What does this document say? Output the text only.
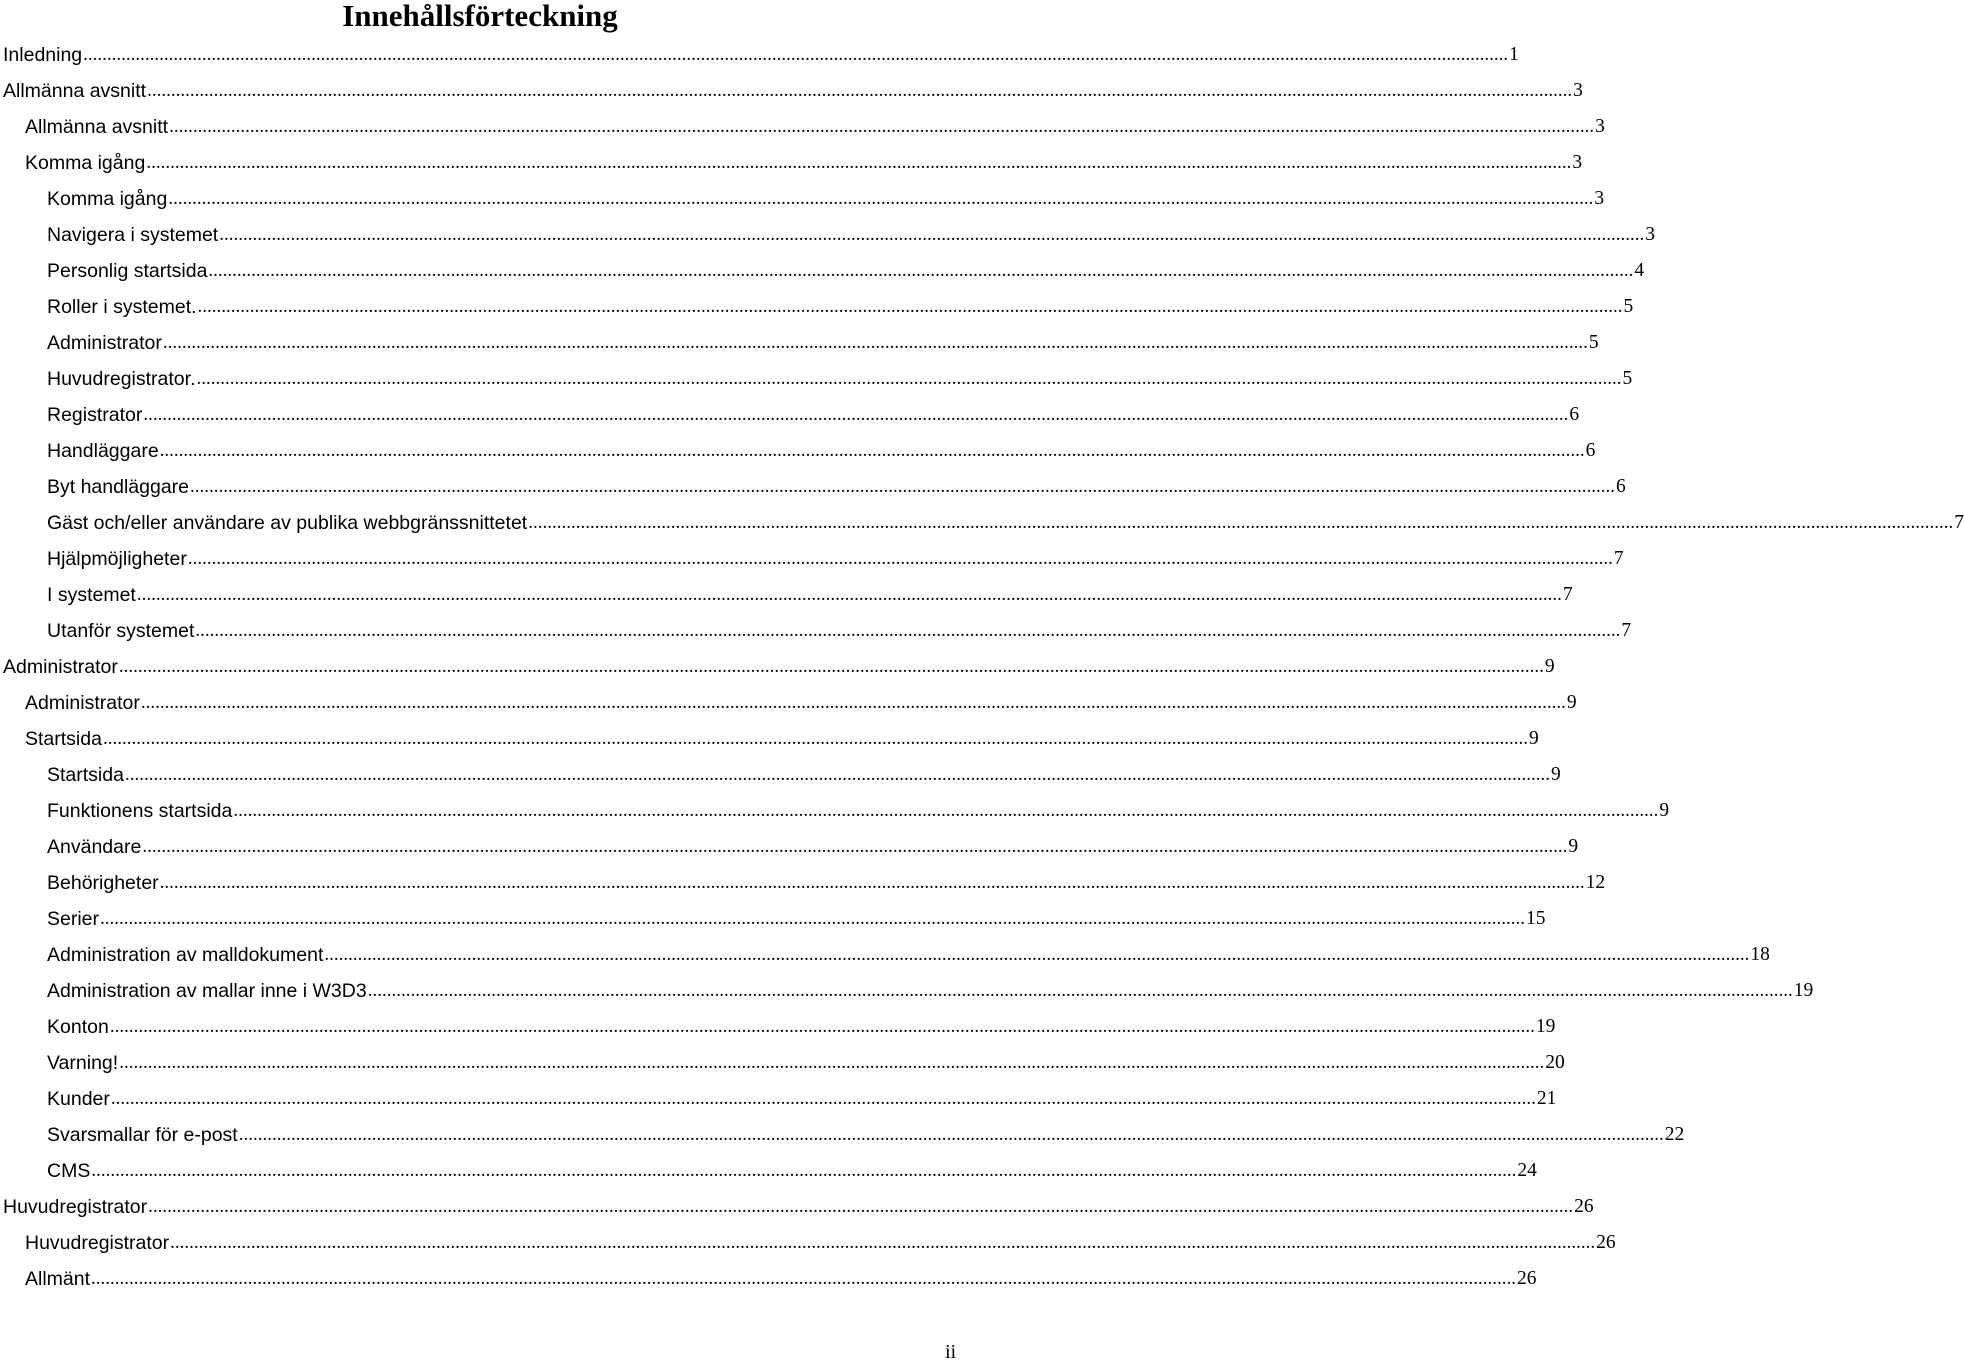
Innehållsförteckning
Inledning ............................................................................................................................................................................................................................................................................................................ 1
Allmänna avsnitt ............................................................................................................................................................................................................................................................................................................ 3
Allmänna avsnitt ............................................................................................................................................................................................................................................................................................................ 3
Komma igång ............................................................................................................................................................................................................................................................................................................ 3
Komma igång ............................................................................................................................................................................................................................................................................................................ 3
Navigera i systemet ............................................................................................................................................................................................................................................................................................................ 3
Personlig startsida ............................................................................................................................................................................................................................................................................................................ 4
Roller i systemet. ............................................................................................................................................................................................................................................................................................................ 5
Administrator ............................................................................................................................................................................................................................................................................................................ 5
Huvudregistrator. ............................................................................................................................................................................................................................................................................................................ 5
Registrator ............................................................................................................................................................................................................................................................................................................ 6
Handläggare ............................................................................................................................................................................................................................................................................................................ 6
Byt handläggare ............................................................................................................................................................................................................................................................................................................ 6
Gäst och/eller användare av publika webbgränssnittetet ............................................................................................................................................................................................................................................................................................................ 7
Hjälpmöjligheter ............................................................................................................................................................................................................................................................................................................ 7
I systemet ............................................................................................................................................................................................................................................................................................................ 7
Utanför systemet ............................................................................................................................................................................................................................................................................................................ 7
Administrator ............................................................................................................................................................................................................................................................................................................ 9
Administrator ............................................................................................................................................................................................................................................................................................................ 9
Startsida ............................................................................................................................................................................................................................................................................................................ 9
Startsida ............................................................................................................................................................................................................................................................................................................ 9
Funktionens startsida ............................................................................................................................................................................................................................................................................................................ 9
Användare ............................................................................................................................................................................................................................................................................................................ 9
Behörigheter ............................................................................................................................................................................................................................................................................................................ 12
Serier ............................................................................................................................................................................................................................................................................................................ 15
Administration av malldokument ............................................................................................................................................................................................................................................................................................................ 18
Administration av mallar inne i W3D3 ............................................................................................................................................................................................................................................................................................................ 19
Konton ............................................................................................................................................................................................................................................................................................................ 19
Varning! ............................................................................................................................................................................................................................................................................................................ 20
Kunder ............................................................................................................................................................................................................................................................................................................ 21
Svarsmallar för e-post ............................................................................................................................................................................................................................................................................................................ 22
CMS ............................................................................................................................................................................................................................................................................................................ 24
Huvudregistrator ............................................................................................................................................................................................................................................................................................................ 26
Huvudregistrator ............................................................................................................................................................................................................................................................................................................ 26
Allmänt ............................................................................................................................................................................................................................................................................................................ 26
ii
